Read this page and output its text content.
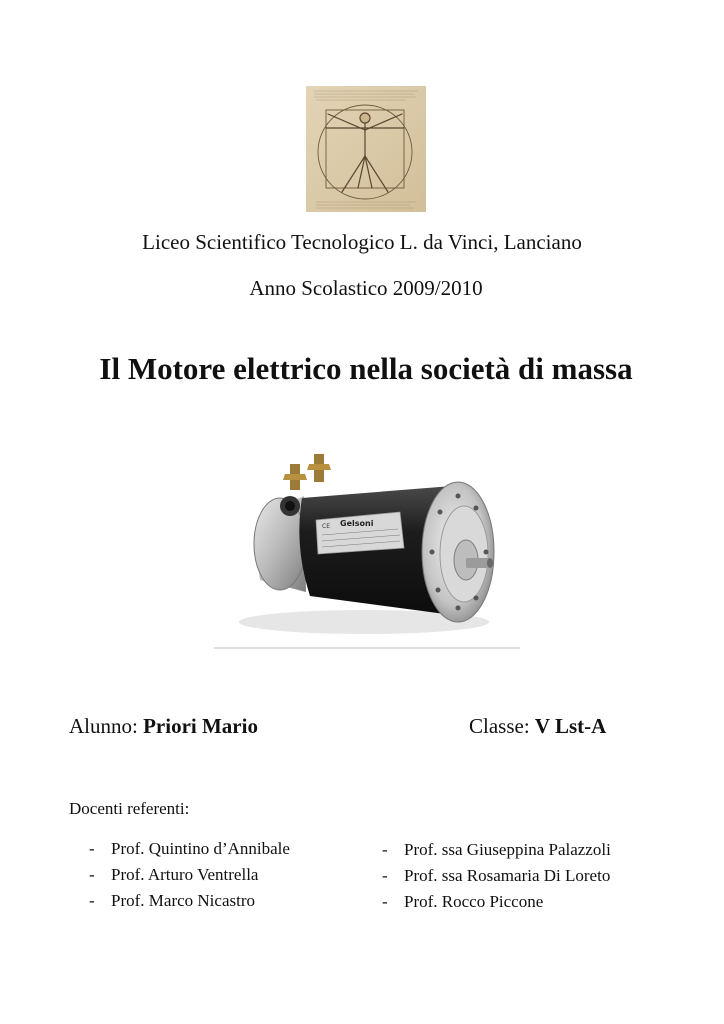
Liceo Scientifico Tecnologico L. da Vinci, Lanciano
Anno Scolastico 2009/2010
Il Motore elettrico nella società di massa
CE Gelsoni
Alunno: Priori Mario	Classe: V Lst-A
Docenti referenti:
- Prof. Quintino d’Annibale
- Prof. Arturo Ventrella
- Prof. Marco Nicastro
- Prof. ssa Giuseppina Palazzoli
- Prof. ssa Rosamaria Di Loreto
- Prof. Rocco Piccone
